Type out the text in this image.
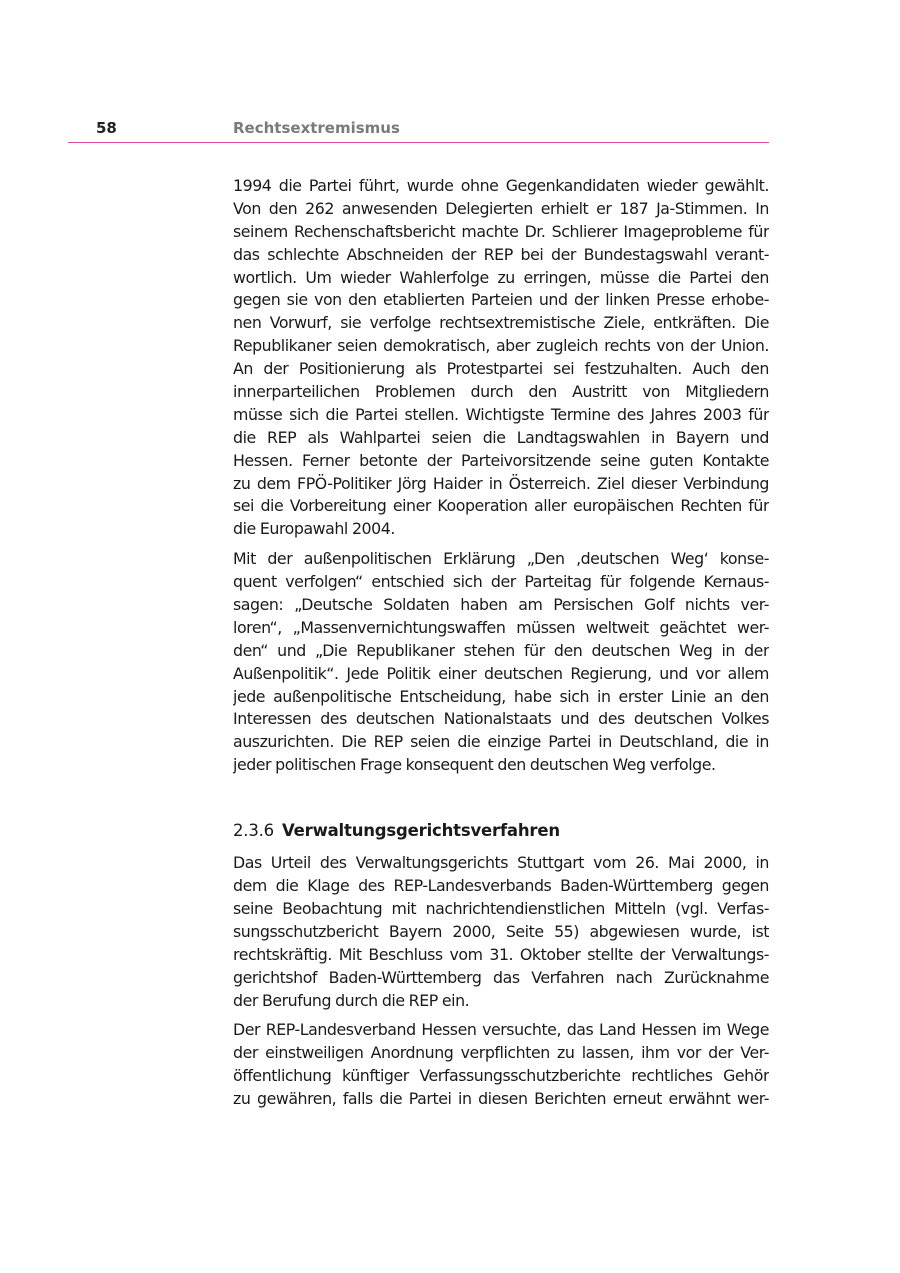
58	Rechtsextremismus

1994 die Partei führt, wurde ohne Gegenkandidaten wieder gewählt.
Von den 262 anwesenden Delegierten erhielt er 187 Ja-Stimmen. In
seinem Rechenschaftsbericht machte Dr. Schlierer Imageprobleme für
das schlechte Abschneiden der REP bei der Bundestagswahl verant-
wortlich. Um wieder Wahlerfolge zu erringen, müsse die Partei den
gegen sie von den etablierten Parteien und der linken Presse erhobe-
nen Vorwurf, sie verfolge rechtsextremistische Ziele, entkräften. Die
Republikaner seien demokratisch, aber zugleich rechts von der Union.
An der Positionierung als Protestpartei sei festzuhalten. Auch den
innerparteilichen Problemen durch den Austritt von Mitgliedern
müsse sich die Partei stellen. Wichtigste Termine des Jahres 2003 für
die REP als Wahlpartei seien die Landtagswahlen in Bayern und
Hessen. Ferner betonte der Parteivorsitzende seine guten Kontakte
zu dem FPÖ-Politiker Jörg Haider in Österreich. Ziel dieser Verbindung
sei die Vorbereitung einer Kooperation aller europäischen Rechten für
die Europawahl 2004.

Mit der außenpolitischen Erklärung „Den ‚deutschen Weg‘ konse-
quent verfolgen“ entschied sich der Parteitag für folgende Kernaus-
sagen: „Deutsche Soldaten haben am Persischen Golf nichts ver-
loren“, „Massenvernichtungswaffen müssen weltweit geächtet wer-
den“ und „Die Republikaner stehen für den deutschen Weg in der
Außenpolitik“. Jede Politik einer deutschen Regierung, und vor allem
jede außenpolitische Entscheidung, habe sich in erster Linie an den
Interessen des deutschen Nationalstaats und des deutschen Volkes
auszurichten. Die REP seien die einzige Partei in Deutschland, die in
jeder politischen Frage konsequent den deutschen Weg verfolge.

2.3.6 Verwaltungsgerichtsverfahren

Das Urteil des Verwaltungsgerichts Stuttgart vom 26. Mai 2000, in
dem die Klage des REP-Landesverbands Baden-Württemberg gegen
seine Beobachtung mit nachrichtendienstlichen Mitteln (vgl. Verfas-
sungsschutzbericht Bayern 2000, Seite 55) abgewiesen wurde, ist
rechtskräftig. Mit Beschluss vom 31. Oktober stellte der Verwaltungs-
gerichtshof Baden-Württemberg das Verfahren nach Zurücknahme
der Berufung durch die REP ein.

Der REP-Landesverband Hessen versuchte, das Land Hessen im Wege
der einstweiligen Anordnung verpflichten zu lassen, ihm vor der Ver-
öffentlichung künftiger Verfassungsschutzberichte rechtliches Gehör
zu gewähren, falls die Partei in diesen Berichten erneut erwähnt wer-
